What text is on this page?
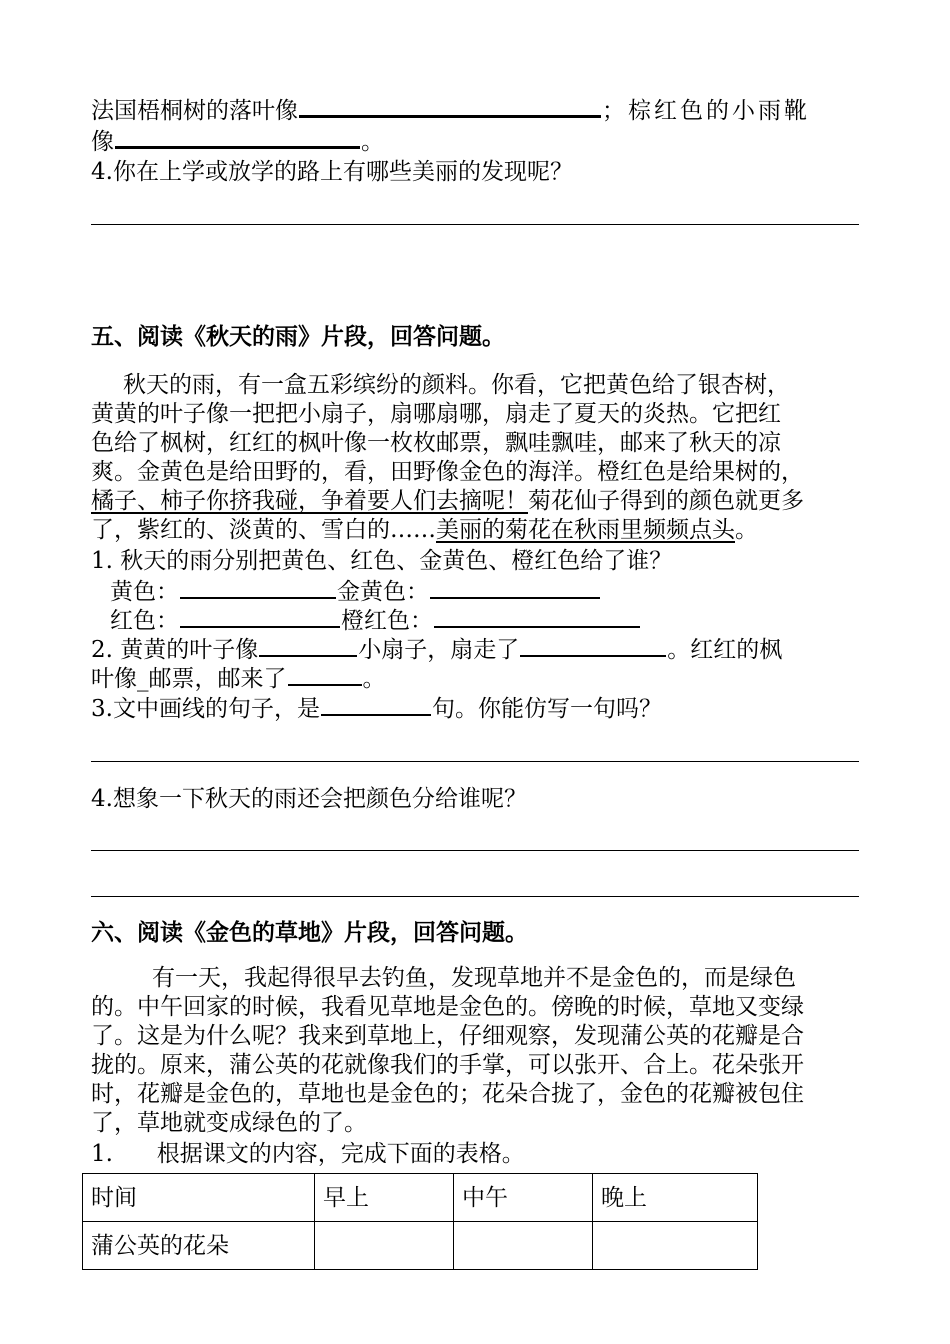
法国梧桐树的落叶像	；棕红色的小雨靴
像	。
4.你在上学或放学的路上有哪些美丽的发现呢？
五、阅读《秋天的雨》片段，回答问题。
秋天的雨，有一盒五彩缤纷的颜料。你看，它把黄色给了银杏树，
黄黄的叶子像一把把小扇子，扇哪扇哪，扇走了夏天的炎热。它把红
色给了枫树，红红的枫叶像一枚枚邮票，飘哇飘哇，邮来了秋天的凉
爽。金黄色是给田野的，看，田野像金色的海洋。橙红色是给果树的，
橘子、柿子你挤我碰，争着要人们去摘呢！菊花仙子得到的颜色就更多
了，紫红的、淡黄的、雪白的……美丽的菊花在秋雨里频频点头。
1. 秋天的雨分别把黄色、红色、金黄色、橙红色给了谁？
黄色：	金黄色：
红色：	橙红色：
2. 黄黄的叶子像	小扇子，扇走了	。红红的枫
叶像_邮票，邮来了	。
3.文中画线的句子，是	句。你能仿写一句吗？
4.想象一下秋天的雨还会把颜色分给谁呢？
六、阅读《金色的草地》片段，回答问题。
有一天，我起得很早去钓鱼，发现草地并不是金色的，而是绿色
的。中午回家的时候，我看见草地是金色的。傍晚的时候，草地又变绿
了。这是为什么呢？我来到草地上，仔细观察，发现蒲公英的花瓣是合
拢的。原来，蒲公英的花就像我们的手掌，可以张开、合上。花朵张开
时，花瓣是金色的，草地也是金色的；花朵合拢了，金色的花瓣被包住
了，草地就变成绿色的了。
1.      根据课文的内容，完成下面的表格。
时间	早上	中午	晚上
蒲公英的花朵			
